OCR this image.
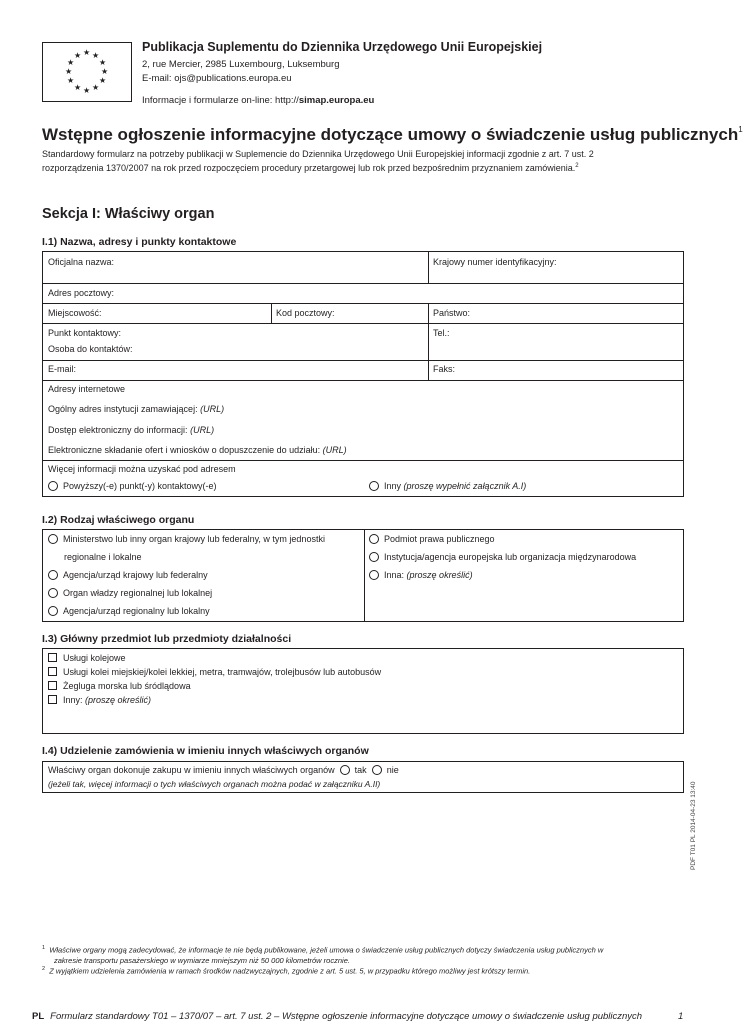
★ ★
★
★
★
★
★
★
★
★
★
★
Publikacja Suplementu do Dziennika Urzędowego Unii Europejskiej
2, rue Mercier, 2985 Luxembourg, Luksemburg
E-mail: ojs@publications.europa.eu
Informacje i formularze on-line: http://simap.europa.eu
Wstępne ogłoszenie informacyjne dotyczące umowy o świadczenie usług publicznych$^1$
Standardowy formularz na potrzeby publikacji w Suplemencie do Dziennika Urzędowego Unii Europejskiej informacji zgodnie z art. 7 ust. 2
rozporządzenia 1370/2007 na rok przed rozpoczęciem procedury przetargowej lub rok przed bezpośrednim przyznaniem zamówienia.$^2$
Sekcja I: Właściwy organ
I.1) Nazwa, adresy i punkty kontaktowe
Oficjalna nazwa:	Krajowy numer identyfikacyjny:
Adres pocztowy:
Miejscowość:	Kod pocztowy:	Państwo:
Punkt kontaktowy:
Osoba do kontaktów:
Tel.:
E-mail:	Faks:
Adresy internetowe
Ogólny adres instytucji zamawiającej: (URL)
Dostęp elektroniczny do informacji: (URL)
Elektroniczne składanie ofert i wniosków o dopuszczenie do udziału: (URL)
Więcej informacji można uzyskać pod adresem
Powyższy(-e) punkt(-y) kontaktowy(-e)	Inny (proszę wypełnić załącznik A.I)
I.2) Rodzaj właściwego organu
Ministerstwo lub inny organ krajowy lub federalny, w tym jednostki
regionalne i lokalne
Agencja/urząd krajowy lub federalny
Organ władzy regionalnej lub lokalnej
Agencja/urząd regionalny lub lokalny
Podmiot prawa publicznego
Instytucja/agencja europejska lub organizacja międzynarodowa
Inna: (proszę określić)
I.3) Główny przedmiot lub przedmioty działalności
Usługi kolejowe
Usługi kolei miejskiej/kolei lekkiej, metra, tramwajów, trolejbusów lub autobusów
Żegluga morska lub śródlądowa
Inny: (proszę określić)
I.4) Udzielenie zamówienia w imieniu innych właściwych organów
Właściwy organ dokonuje zakupu w imieniu innych właściwych organów tak nie
(jeżeli tak, więcej informacji o tych właściwych organach można podać w załączniku A.II)
$^1$ Właściwe organy mogą zadecydować, że informacje te nie będą publikowane, jeżeli umowa o świadczenie usług publicznych dotyczy świadczenia usług publicznych w
zakresie transportu pasażerskiego w wymiarze mniejszym niż 50 000 kilometrów rocznie.
$^2$ Z wyjątkiem udzielenia zamówienia w ramach środków nadzwyczajnych, zgodnie z art. 5 ust. 5, w przypadku którego możliwy jest krótszy termin.
PL Formularz standardowy T01 – 1370/07 – art. 7 ust. 2 – Wstępne ogłoszenie informacyjne dotyczące umowy o świadczenie usług publicznych	1
PDF T01 PL 2014-04-23 13:40
